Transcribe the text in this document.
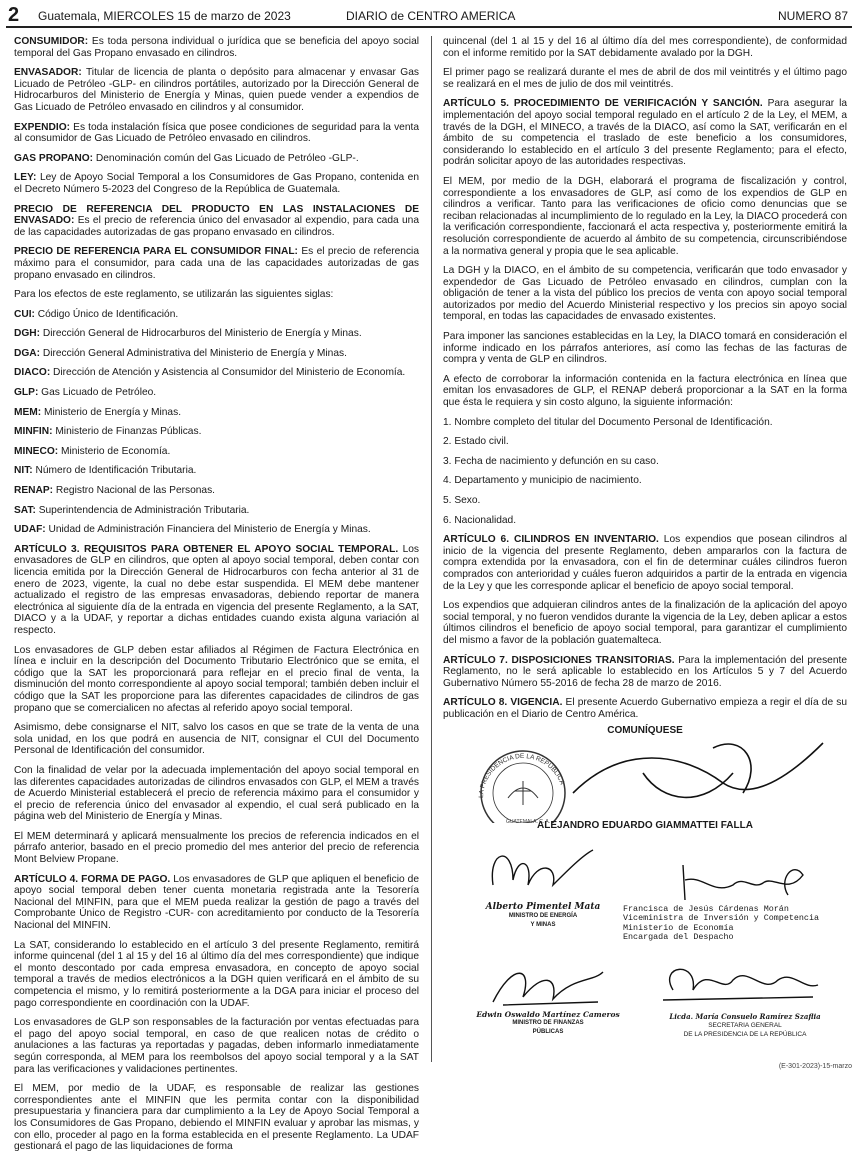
2 Guatemala, MIERCOLES 15 de marzo de 2023	DIARIO de CENTRO AMERICA	NUMERO 87

CONSUMIDOR: Es toda persona individual o jurídica que se beneficia del apoyo social temporal del Gas Propano envasado en cilindros.

ENVASADOR: Titular de licencia de planta o depósito para almacenar y envasar Gas Licuado de Petróleo -GLP- en cilindros portátiles, autorizado por la Dirección General de Hidrocarburos del Ministerio de Energía y Minas, quien puede vender a expendios de Gas Licuado de Petróleo envasado en cilindros y al consumidor.

EXPENDIO: Es toda instalación física que posee condiciones de seguridad para la venta al consumidor de Gas Licuado de Petróleo envasado en cilindros.

GAS PROPANO: Denominación común del Gas Licuado de Petróleo -GLP-.

LEY: Ley de Apoyo Social Temporal a los Consumidores de Gas Propano, contenida en el Decreto Número 5-2023 del Congreso de la República de Guatemala.

PRECIO DE REFERENCIA DEL PRODUCTO EN LAS INSTALACIONES DE ENVASADO: Es el precio de referencia único del envasador al expendio, para cada una de las capacidades autorizadas de gas propano envasado en cilindros.

PRECIO DE REFERENCIA PARA EL CONSUMIDOR FINAL: Es el precio de referencia máximo para el consumidor, para cada una de las capacidades autorizadas de gas propano envasado en cilindros.

Para los efectos de este reglamento, se utilizarán las siguientes siglas:

CUI: Código Único de Identificación.

DGH: Dirección General de Hidrocarburos del Ministerio de Energía y Minas.

DGA: Dirección General Administrativa del Ministerio de Energía y Minas.

DIACO: Dirección de Atención y Asistencia al Consumidor del Ministerio de Economía.

GLP: Gas Licuado de Petróleo.

MEM: Ministerio de Energía y Minas.

MINFIN: Ministerio de Finanzas Públicas.

MINECO: Ministerio de Economía.

NIT: Número de Identificación Tributaria.

RENAP: Registro Nacional de las Personas.

SAT: Superintendencia de Administración Tributaria.

UDAF: Unidad de Administración Financiera del Ministerio de Energía y Minas.

ARTÍCULO 3. REQUISITOS PARA OBTENER EL APOYO SOCIAL TEMPORAL. Los envasadores de GLP en cilindros, que opten al apoyo social temporal, deben contar con licencia emitida por la Dirección General de Hidrocarburos con fecha anterior al 31 de enero de 2023, vigente, la cual no debe estar suspendida. El MEM debe mantener actualizado el registro de las empresas envasadoras, debiendo reportar de manera electrónica al siguiente día de la entrada en vigencia del presente Reglamento, a la SAT, DIACO y a la UDAF, y reportar a dichas entidades cuando exista alguna variación al respecto.

Los envasadores de GLP deben estar afiliados al Régimen de Factura Electrónica en línea e incluir en la descripción del Documento Tributario Electrónico que se emita, el código que la SAT les proporcionará para reflejar en el precio final de venta, la disminución del monto correspondiente al apoyo social temporal; también deben incluir el código que la SAT les proporcione para las diferentes capacidades de cilindros de gas propano que se comercialicen no afectas al referido apoyo social temporal.

Asimismo, debe consignarse el NIT, salvo los casos en que se trate de la venta de una sola unidad, en los que podrá en ausencia de NIT, consignar el CUI del Documento Personal de Identificación del consumidor.

Con la finalidad de velar por la adecuada implementación del apoyo social temporal en las diferentes capacidades autorizadas de cilindros envasados con GLP, el MEM a través de Acuerdo Ministerial establecerá el precio de referencia máximo para el consumidor y el precio de referencia único del envasador al expendio, el cual será publicado en la página web del Ministerio de Energía y Minas.

El MEM determinará y aplicará mensualmente los precios de referencia indicados en el párrafo anterior, basado en el precio promedio del mes anterior del precio de referencia Mont Belview Propane.

ARTÍCULO 4. FORMA DE PAGO. Los envasadores de GLP que apliquen el beneficio de apoyo social temporal deben tener cuenta monetaria registrada ante la Tesorería Nacional del MINFIN, para que el MEM pueda realizar la gestión de pago a través del Comprobante Único de Registro -CUR- con acreditamiento por conducto de la Tesorería Nacional del MINFIN.

La SAT, considerando lo establecido en el artículo 3 del presente Reglamento, remitirá informe quincenal (del 1 al 15 y del 16 al último día del mes correspondiente) que indique el monto descontado por cada empresa envasadora, en concepto de apoyo social temporal a través de medios electrónicos a la DGH quien verificará en el ámbito de su competencia el mismo, y lo remitirá posteriormente a la DGA para iniciar el proceso del pago correspondiente en coordinación con la UDAF.

Los envasadores de GLP son responsables de la facturación por ventas efectuadas para el pago del apoyo social temporal, en caso de que realicen notas de crédito o anulaciones a las facturas ya reportadas y pagadas, deben informarlo inmediatamente según corresponda, al MEM para los reembolsos del apoyo social temporal y a la SAT para las verificaciones y validaciones pertinentes.

El MEM, por medio de la UDAF, es responsable de realizar las gestiones correspondientes ante el MINFIN que les permita contar con la disponibilidad presupuestaria y financiera para dar cumplimiento a la Ley de Apoyo Social Temporal a los Consumidores de Gas Propano, debiendo el MINFIN evaluar y aprobar las mismas, y con ello, proceder al pago en la forma establecida en el presente Reglamento. La UDAF gestionará el pago de las liquidaciones de forma

quincenal (del 1 al 15 y del 16 al último día del mes correspondiente), de conformidad con el informe remitido por la SAT debidamente avalado por la DGH.

El primer pago se realizará durante el mes de abril de dos mil veintitrés y el último pago se realizará en el mes de julio de dos mil veintitrés.

ARTÍCULO 5. PROCEDIMIENTO DE VERIFICACIÓN Y SANCIÓN. Para asegurar la implementación del apoyo social temporal regulado en el artículo 2 de la Ley, el MEM, a través de la DGH, el MINECO, a través de la DIACO, así como la SAT, verificarán en el ámbito de su competencia el traslado de este beneficio a los consumidores, considerando lo establecido en el artículo 3 del presente Reglamento; para el efecto, podrán solicitar apoyo de las autoridades respectivas.

El MEM, por medio de la DGH, elaborará el programa de fiscalización y control, correspondiente a los envasadores de GLP, así como de los expendios de GLP en cilindros a verificar. Tanto para las verificaciones de oficio como denuncias que se reciban relacionadas al incumplimiento de lo regulado en la Ley, la DIACO procederá con la verificación correspondiente, faccionará el acta respectiva y, posteriormente emitirá la resolución correspondiente de acuerdo al ámbito de su competencia, circunscribiéndose a la normativa general y propia que le sea aplicable.

La DGH y la DIACO, en el ámbito de su competencia, verificarán que todo envasador y expendedor de Gas Licuado de Petróleo envasado en cilindros, cumplan con la obligación de tener a la vista del público los precios de venta con apoyo social temporal autorizados por medio del Acuerdo Ministerial respectivo y los precios sin apoyo social temporal, en todas las capacidades de envasado existentes.

Para imponer las sanciones establecidas en la Ley, la DIACO tomará en consideración el informe indicado en los párrafos anteriores, así como las fechas de las facturas de compra y venta de GLP en cilindros.

A efecto de corroborar la información contenida en la factura electrónica en línea que emitan los envasadores de GLP, el RENAP deberá proporcionar a la SAT en la forma que ésta le requiera y sin costo alguno, la siguiente información:

1. Nombre completo del titular del Documento Personal de Identificación.

2. Estado civil.

3. Fecha de nacimiento y defunción en su caso.

4. Departamento y municipio de nacimiento.

5. Sexo.

6. Nacionalidad.

ARTÍCULO 6. CILINDROS EN INVENTARIO. Los expendios que posean cilindros al inicio de la vigencia del presente Reglamento, deben ampararlos con la factura de compra extendida por la envasadora, con el fin de determinar cuáles cilindros fueron comprados con anterioridad y cuáles fueron adquiridos a partir de la entrada en vigencia de la Ley y que les corresponde aplicar el beneficio de apoyo social temporal.

Los expendios que adquieran cilindros antes de la finalización de la aplicación del apoyo social temporal, y no fueron vendidos durante la vigencia de la Ley, deben aplicar a estos últimos cilindros el beneficio de apoyo social temporal, para garantizar el cumplimiento del mismo a favor de la población guatemalteca.

ARTÍCULO 7. DISPOSICIONES TRANSITORIAS. Para la implementación del presente Reglamento, no le será aplicable lo establecido en los Artículos 5 y 7 del Acuerdo Gubernativo Número 55-2016 de fecha 28 de marzo de 2016.

ARTÍCULO 8. VIGENCIA. El presente Acuerdo Gubernativo empieza a regir el día de su publicación en el Diario de Centro América.

COMUNÍQUESE
LA PRESIDENCIA DE LA REPÚBLICA
GUATEMALA, C. A.
ALEJANDRO EDUARDO GIAMMATTEI FALLA
Alberto Pimentel Mata
MINISTRO DE ENERGÍA
Y MINAS
Francisca de Jesús Cárdenas Morán
Viceministra de Inversión y Competencia
Ministerio de Economía
Encargada del Despacho
Edwin Oswaldo Martínez Cameros
MINISTRO DE FINANZAS
PÚBLICAS
Licda. María Consuelo Ramírez Szaflia
SECRETARIA GENERAL
DE LA PRESIDENCIA DE LA REPÚBLICA
(E-301-2023)-15-marzo
